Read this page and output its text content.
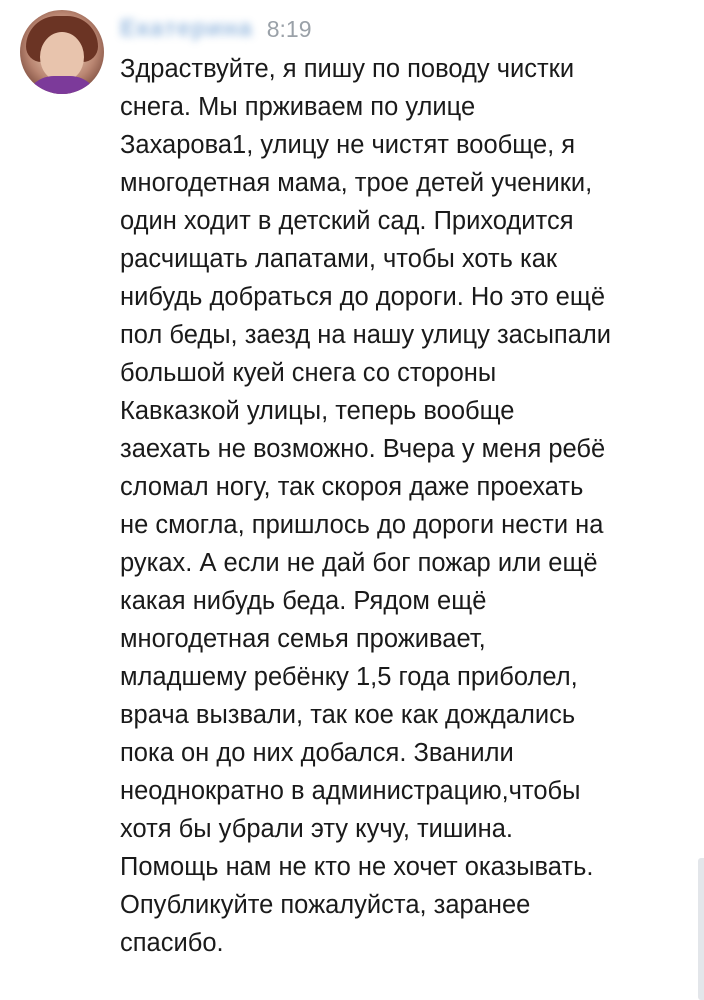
Екатерина 8:19

Здраствуйте, я пишу по поводу чистки
снега. Мы прживаем по улице
Захарова1, улицу не чистят вообще, я
многодетная мама, трое детей ученики,
один ходит в детский сад. Приходится
расчищать лапатами, чтобы хоть как
нибудь добраться до дороги. Но это ещё
пол беды, заезд на нашу улицу засыпали
большой куей снега со стороны
Кавказкой улицы, теперь вообще
заехать не возможно. Вчера у меня ребё
сломал ногу, так скороя даже проехать
не смогла, пришлось до дороги нести на
руках. А если не дай бог пожар или ещё
какая нибудь беда. Рядом ещё
многодетная семья проживает,
младшему ребёнку 1,5 года приболел,
врача вызвали, так кое как дождались
пока он до них добался. Званили
неоднократно в администрацию,чтобы
хотя бы убрали эту кучу, тишина.
Помощь нам не кто не хочет оказывать.
Опубликуйте пожалуйста, заранее
спасибо.
